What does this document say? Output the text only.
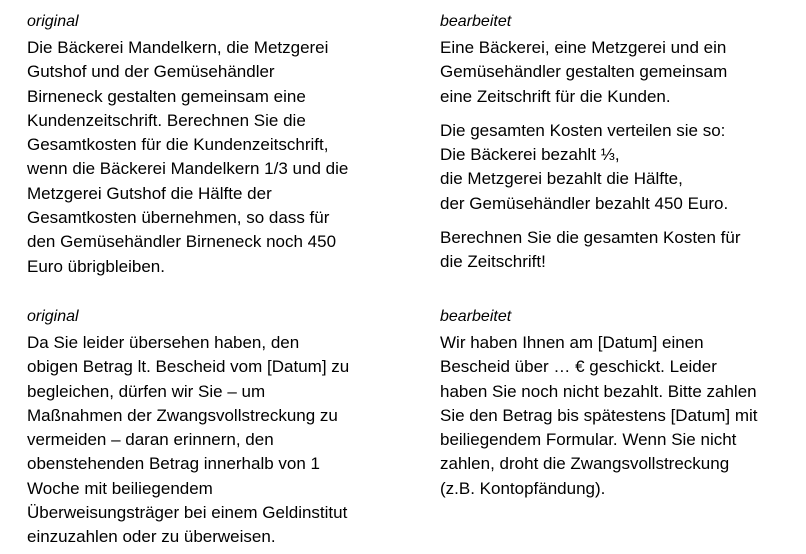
original

Die Bäckerei Mandelkern, die Metzgerei
Gutshof und der Gemüsehändler
Birneneck gestalten gemeinsam eine
Kundenzeitschrift. Berechnen Sie die
Gesamtkosten für die Kundenzeitschrift,
wenn die Bäckerei Mandelkern 1/3 und die
Metzgerei Gutshof die Hälfte der
Gesamtkosten übernehmen, so dass für
den Gemüsehändler Birneneck noch 450
Euro übrigbleiben.

bearbeitet

Eine Bäckerei, eine Metzgerei und ein
Gemüsehändler gestalten gemeinsam
eine Zeitschrift für die Kunden.

Die gesamten Kosten verteilen sie so:
Die Bäckerei bezahlt ⅓,
die Metzgerei bezahlt die Hälfte,
der Gemüsehändler bezahlt 450 Euro.

Berechnen Sie die gesamten Kosten für
die Zeitschrift!

original

Da Sie leider übersehen haben, den
obigen Betrag lt. Bescheid vom [Datum] zu
begleichen, dürfen wir Sie – um
Maßnahmen der Zwangsvollstreckung zu
vermeiden – daran erinnern, den
obenstehenden Betrag innerhalb von 1
Woche mit beiliegendem
Überweisungsträger bei einem Geldinstitut
einzuzahlen oder zu überweisen.

bearbeitet

Wir haben Ihnen am [Datum] einen
Bescheid über … € geschickt. Leider
haben Sie noch nicht bezahlt. Bitte zahlen
Sie den Betrag bis spätestens [Datum] mit
beiliegendem Formular. Wenn Sie nicht
zahlen, droht die Zwangsvollstreckung
(z.B. Kontopfändung).
